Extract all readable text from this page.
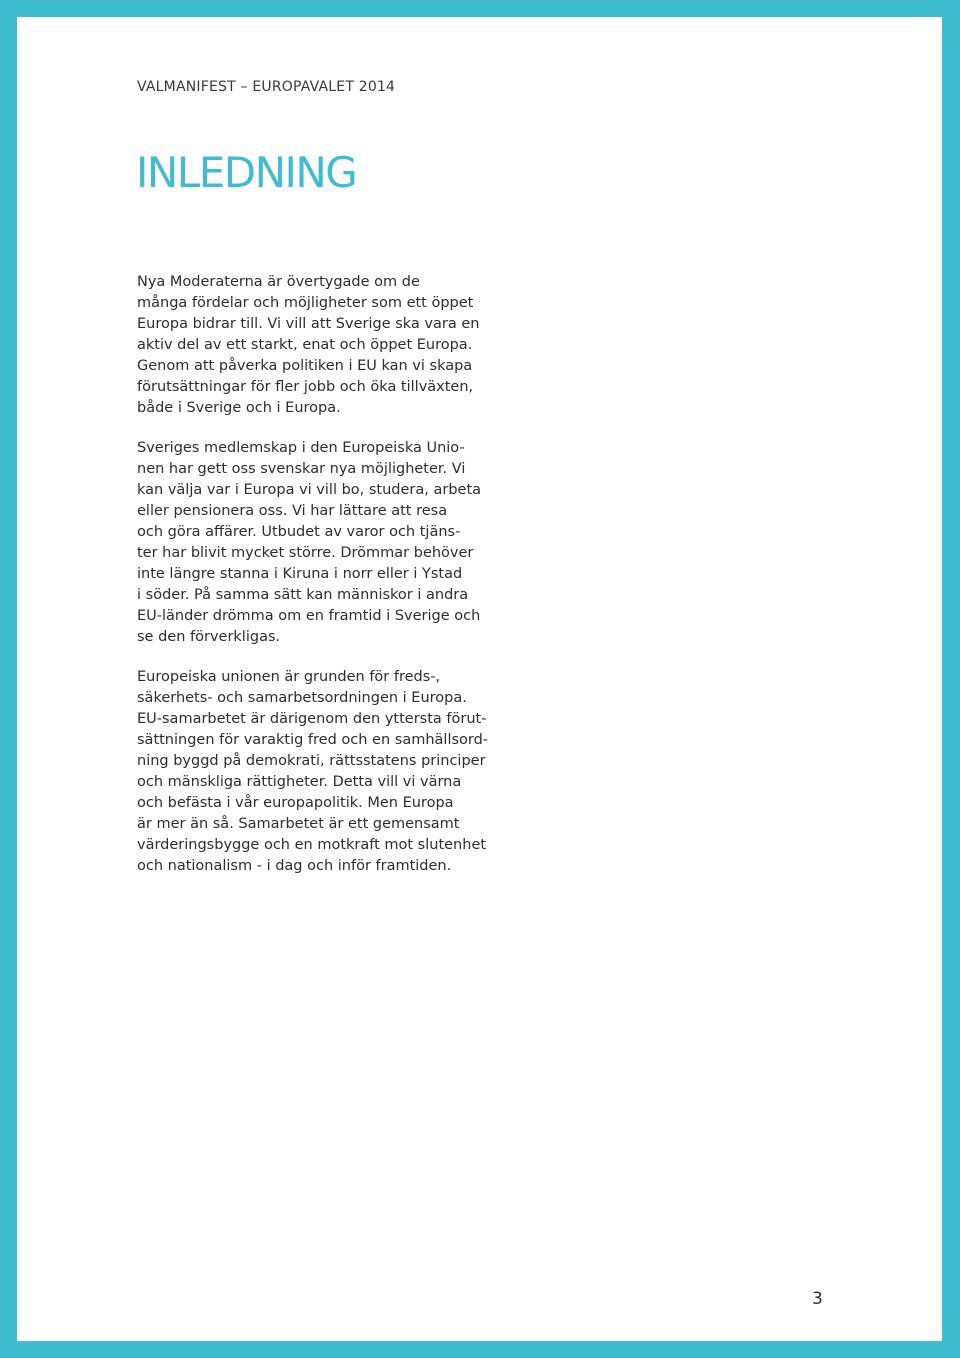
VALMANIFEST – EUROPAVALET 2014
INLEDNING

Nya Moderaterna är övertygade om de
många fördelar och möjligheter som ett öppet
Europa bidrar till. Vi vill att Sverige ska vara en
aktiv del av ett starkt, enat och öppet Europa.
Genom att påverka politiken i EU kan vi skapa
förutsättningar för fler jobb och öka tillväxten,
både i Sverige och i Europa.

Sveriges medlemskap i den Europeiska Unio-
nen har gett oss svenskar nya möjligheter. Vi
kan välja var i Europa vi vill bo, studera, arbeta
eller pensionera oss. Vi har lättare att resa
och göra affärer. Utbudet av varor och tjäns-
ter har blivit mycket större. Drömmar behöver
inte längre stanna i Kiruna i norr eller i Ystad
i söder. På samma sätt kan människor i andra
EU-länder drömma om en framtid i Sverige och
se den förverkligas.

Europeiska unionen är grunden för freds-,
säkerhets- och samarbetsordningen i Europa.
EU-samarbetet är därigenom den yttersta förut-
sättningen för varaktig fred och en samhällsord-
ning byggd på demokrati, rättsstatens principer
och mänskliga rättigheter. Detta vill vi värna
och befästa i vår europapolitik. Men Europa
är mer än så. Samarbetet är ett gemensamt
värderingsbygge och en motkraft mot slutenhet
och nationalism - i dag och inför framtiden.

3
